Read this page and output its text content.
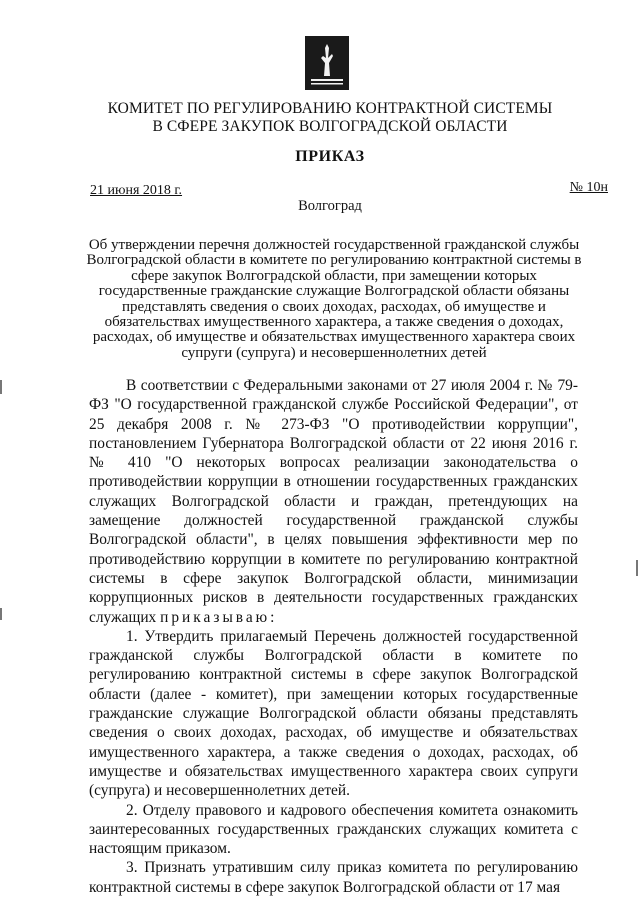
КОМИТЕТ ПО РЕГУЛИРОВАНИЮ КОНТРАКТНОЙ СИСТЕМЫ
В СФЕРЕ ЗАКУПОК ВОЛГОГРАДСКОЙ ОБЛАСТИ
ПРИКАЗ
21 июня 2018 г.	№ 10н
Волгоград
Об утверждении перечня должностей государственной гражданской службы Волгоградской области в комитете по регулированию контрактной системы в сфере закупок Волгоградской области, при замещении которых государственные гражданские служащие Волгоградской области обязаны представлять сведения о своих доходах, расходах, об имуществе и обязательствах имущественного характера, а также сведения о доходах, расходах, об имуществе и обязательствах имущественного характера своих супруги (супруга) и несовершеннолетних детей

В соответствии с Федеральными законами от 27 июля 2004 г. № 79-ФЗ "О государственной гражданской службе Российской Федерации", от 25 декабря 2008 г. № 273-ФЗ "О противодействии коррупции", постановлением Губернатора Волгоградской области от 22 июня 2016 г. № 410 "О некоторых вопросах реализации законодательства о противодействии коррупции в отношении государственных гражданских служащих Волгоградской области и граждан, претендующих на замещение должностей государственной гражданской службы Волгоградской области", в целях повышения эффективности мер по противодействию коррупции в комитете по регулированию контрактной системы в сфере закупок Волгоградской области, минимизации коррупционных рисков в деятельности государственных гражданских служащих приказываю:

1. Утвердить прилагаемый Перечень должностей государственной гражданской службы Волгоградской области в комитете по регулированию контрактной системы в сфере закупок Волгоградской области (далее - комитет), при замещении которых государственные гражданские служащие Волгоградской области обязаны представлять сведения о своих доходах, расходах, об имуществе и обязательствах имущественного характера, а также сведения о доходах, расходах, об имуществе и обязательствах имущественного характера своих супруги (супруга) и несовершеннолетних детей.

2. Отделу правового и кадрового обеспечения комитета ознакомить заинтересованных государственных гражданских служащих комитета с настоящим приказом.

3. Признать утратившим силу приказ комитета по регулированию контрактной системы в сфере закупок Волгоградской области от 17 мая
